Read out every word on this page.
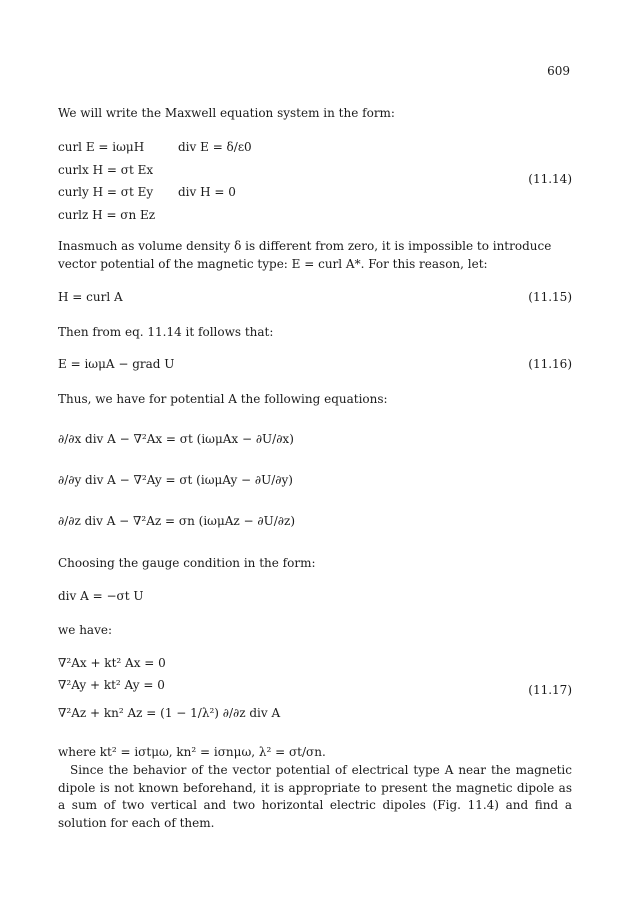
609
We will write the Maxwell equation system in the form:
curl E = iωμH	div E = δ/ε0
curlx H = σt Ex
curly H = σt Ey div H = 0
curlz H = σn Ez
(11.14)
Inasmuch as volume density δ is different from zero, it is impossible to introduce vector potential of the magnetic type: E = curl A*. For this reason, let:
H = curl A	(11.15)
Then from eq. 11.14 it follows that:
E = iωμA − grad U	(11.16)
Thus, we have for potential A the following equations:
∂/∂x div A − ∇²Ax = σt (iωμAx − ∂U/∂x)
∂/∂y div A − ∇²Ay = σt (iωμAy − ∂U/∂y)
∂/∂z div A − ∇²Az = σn (iωμAz − ∂U/∂z)
Choosing the gauge condition in the form:
div A = −σt U
we have:
∇²Ax + kt² Ax = 0
∇²Ay + kt² Ay = 0
∇²Az + kn² Az = (1 − 1/λ²) ∂/∂z div A
(11.17)
where kt² = iσtμω, kn² = iσnμω, λ² = σt/σn.
Since the behavior of the vector potential of electrical type A near the magnetic dipole is not known beforehand, it is appropriate to present the magnetic dipole as a sum of two vertical and two horizontal electric dipoles (Fig. 11.4) and find a solution for each of them.
